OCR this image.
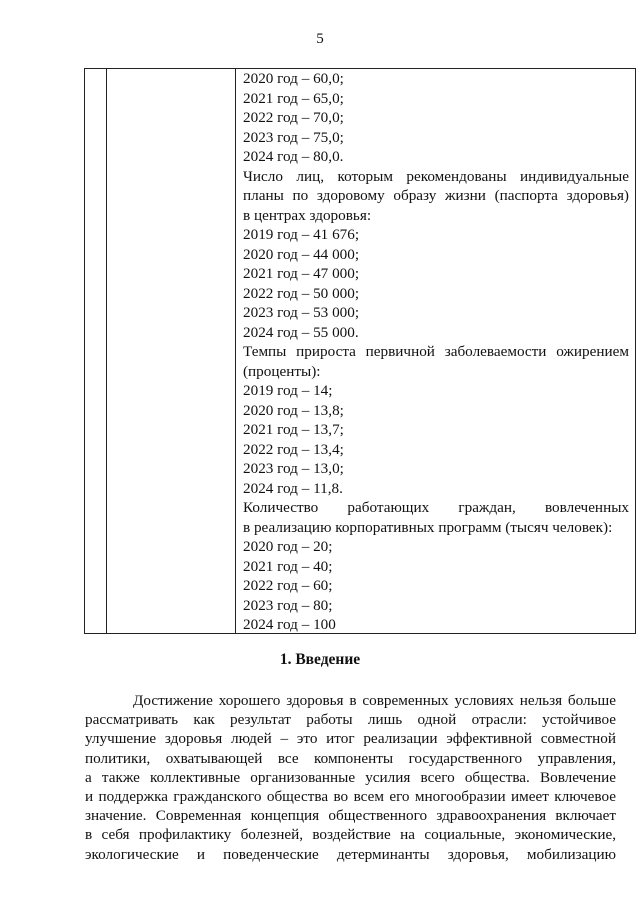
5
2020 год – 60,0;
2021 год – 65,0;
2022 год – 70,0;
2023 год – 75,0;
2024 год – 80,0.
Число лиц, которым рекомендованы индивидуальные
планы по здоровому образу жизни (паспорта здоровья)
в центрах здоровья:
2019 год – 41 676;
2020 год – 44 000;
2021 год – 47 000;
2022 год – 50 000;
2023 год – 53 000;
2024 год – 55 000.
Темпы прироста первичной заболеваемости ожирением
(проценты):
2019 год – 14;
2020 год – 13,8;
2021 год – 13,7;
2022 год – 13,4;
2023 год – 13,0;
2024 год – 11,8.
Количество работающих граждан, вовлеченных
в реализацию корпоративных программ (тысяч человек):
2020 год – 20;
2021 год – 40;
2022 год – 60;
2023 год – 80;
2024 год – 100
1. Введение
Достижение хорошего здоровья в современных условиях нельзя больше
рассматривать как результат работы лишь одной отрасли: устойчивое
улучшение здоровья людей – это итог реализации эффективной совместной
политики, охватывающей все компоненты государственного управления,
а также коллективные организованные усилия всего общества. Вовлечение
и поддержка гражданского общества во всем его многообразии имеет ключевое
значение. Современная концепция общественного здравоохранения включает
в себя профилактику болезней, воздействие на социальные, экономические,
экологические и поведенческие детерминанты здоровья, мобилизацию
